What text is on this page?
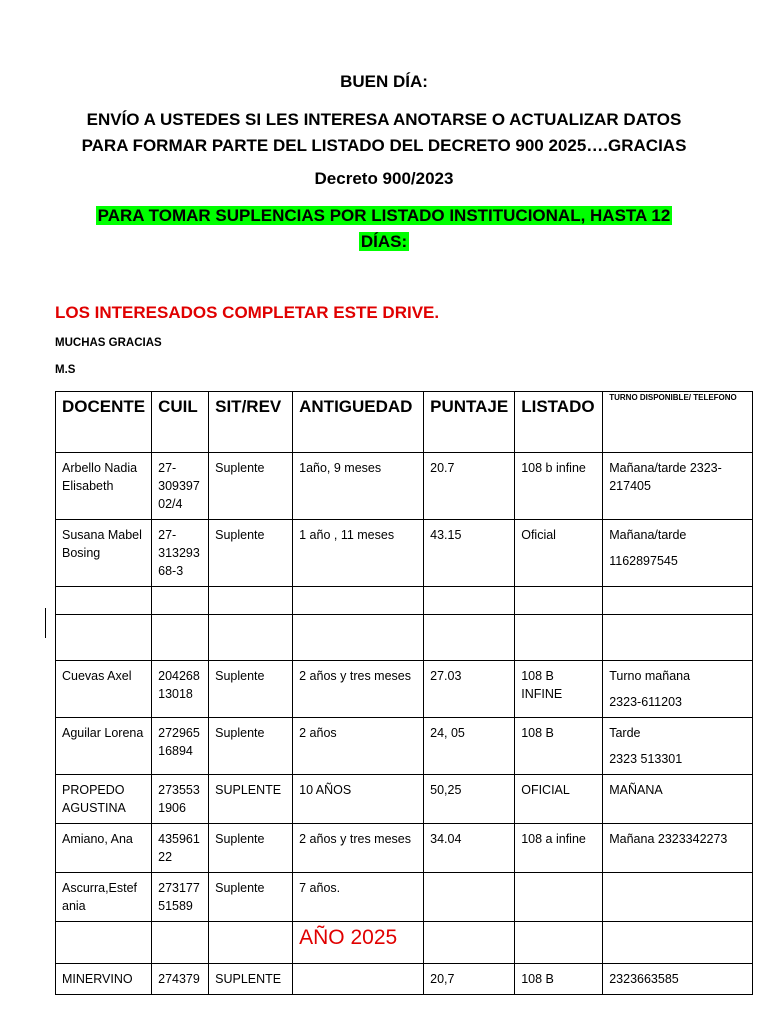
BUEN DÍA:
ENVÍO A USTEDES SI LES INTERESA ANOTARSE O ACTUALIZAR DATOS
PARA FORMAR PARTE DEL LISTADO DEL DECRETO 900 2025….GRACIAS
Decreto 900/2023
PARA TOMAR SUPLENCIAS POR LISTADO INSTITUCIONAL, HASTA 12
DÍAS:
LOS INTERESADOS COMPLETAR ESTE DRIVE.
MUCHAS GRACIAS
M.S
DOCENTE	CUIL	SIT/REV	ANTIGUEDAD	PUNTAJE	LISTADO	TURNO DISPONIBLE/ TELEFONO

Arbello Nadia Elisabeth	27-309397 02/4	Suplente	1año, 9 meses	20.7	108 b infine	Mañana/tarde 2323-217405

Susana Mabel Bosing	27-313293 68-3	Suplente	1 año , 11 meses	43.15	Oficial	Mañana/tarde
1162897545

Cuevas Axel	204268 13018	Suplente	2 años y tres meses	27.03	108 B INFINE	Turno mañana
2323-611203

Aguilar Lorena	272965 16894	Suplente	2 años	24, 05	108 B	Tarde
2323 513301

PROPEDO AGUSTINA	273553 1906	SUPLENTE	10 AÑOS	50,25	OFICIAL	MAÑANA

Amiano, Ana	435961 22	Suplente	2 años y tres meses	34.04	108 a infine	Mañana 2323342273

Ascurra,Estef ania	273177 51589	Suplente	7 años.			

			AÑO 2025			
MINERVINO	274379	SUPLENTE		20,7	108 B	2323663585
